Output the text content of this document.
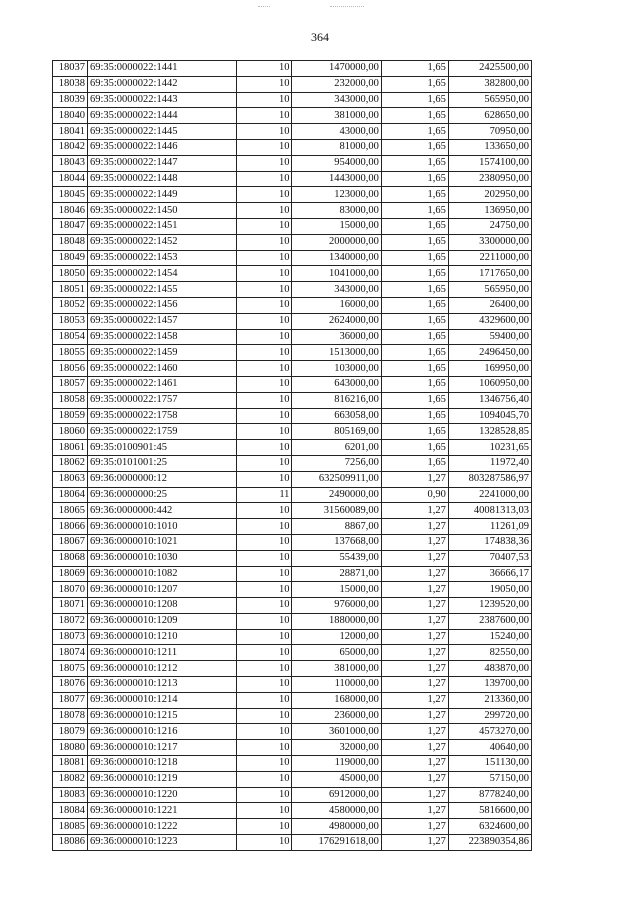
364
18037	69:35:0000022:1441	10	1470000,00	1,65	2425500,00
18038	69:35:0000022:1442	10	232000,00	1,65	382800,00
18039	69:35:0000022:1443	10	343000,00	1,65	565950,00
18040	69:35:0000022:1444	10	381000,00	1,65	628650,00
18041	69:35:0000022:1445	10	43000,00	1,65	70950,00
18042	69:35:0000022:1446	10	81000,00	1,65	133650,00
18043	69:35:0000022:1447	10	954000,00	1,65	1574100,00
18044	69:35:0000022:1448	10	1443000,00	1,65	2380950,00
18045	69:35:0000022:1449	10	123000,00	1,65	202950,00
18046	69:35:0000022:1450	10	83000,00	1,65	136950,00
18047	69:35:0000022:1451	10	15000,00	1,65	24750,00
18048	69:35:0000022:1452	10	2000000,00	1,65	3300000,00
18049	69:35:0000022:1453	10	1340000,00	1,65	2211000,00
18050	69:35:0000022:1454	10	1041000,00	1,65	1717650,00
18051	69:35:0000022:1455	10	343000,00	1,65	565950,00
18052	69:35:0000022:1456	10	16000,00	1,65	26400,00
18053	69:35:0000022:1457	10	2624000,00	1,65	4329600,00
18054	69:35:0000022:1458	10	36000,00	1,65	59400,00
18055	69:35:0000022:1459	10	1513000,00	1,65	2496450,00
18056	69:35:0000022:1460	10	103000,00	1,65	169950,00
18057	69:35:0000022:1461	10	643000,00	1,65	1060950,00
18058	69:35:0000022:1757	10	816216,00	1,65	1346756,40
18059	69:35:0000022:1758	10	663058,00	1,65	1094045,70
18060	69:35:0000022:1759	10	805169,00	1,65	1328528,85
18061	69:35:0100901:45	10	6201,00	1,65	10231,65
18062	69:35:0101001:25	10	7256,00	1,65	11972,40
18063	69:36:0000000:12	10	632509911,00	1,27	803287586,97
18064	69:36:0000000:25	11	2490000,00	0,90	2241000,00
18065	69:36:0000000:442	10	31560089,00	1,27	40081313,03
18066	69:36:0000010:1010	10	8867,00	1,27	11261,09
18067	69:36:0000010:1021	10	137668,00	1,27	174838,36
18068	69:36:0000010:1030	10	55439,00	1,27	70407,53
18069	69:36:0000010:1082	10	28871,00	1,27	36666,17
18070	69:36:0000010:1207	10	15000,00	1,27	19050,00
18071	69:36:0000010:1208	10	976000,00	1,27	1239520,00
18072	69:36:0000010:1209	10	1880000,00	1,27	2387600,00
18073	69:36:0000010:1210	10	12000,00	1,27	15240,00
18074	69:36:0000010:1211	10	65000,00	1,27	82550,00
18075	69:36:0000010:1212	10	381000,00	1,27	483870,00
18076	69:36:0000010:1213	10	110000,00	1,27	139700,00
18077	69:36:0000010:1214	10	168000,00	1,27	213360,00
18078	69:36:0000010:1215	10	236000,00	1,27	299720,00
18079	69:36:0000010:1216	10	3601000,00	1,27	4573270,00
18080	69:36:0000010:1217	10	32000,00	1,27	40640,00
18081	69:36:0000010:1218	10	119000,00	1,27	151130,00
18082	69:36:0000010:1219	10	45000,00	1,27	57150,00
18083	69:36:0000010:1220	10	6912000,00	1,27	8778240,00
18084	69:36:0000010:1221	10	4580000,00	1,27	5816600,00
18085	69:36:0000010:1222	10	4980000,00	1,27	6324600,00
18086	69:36:0000010:1223	10	176291618,00	1,27	223890354,86
